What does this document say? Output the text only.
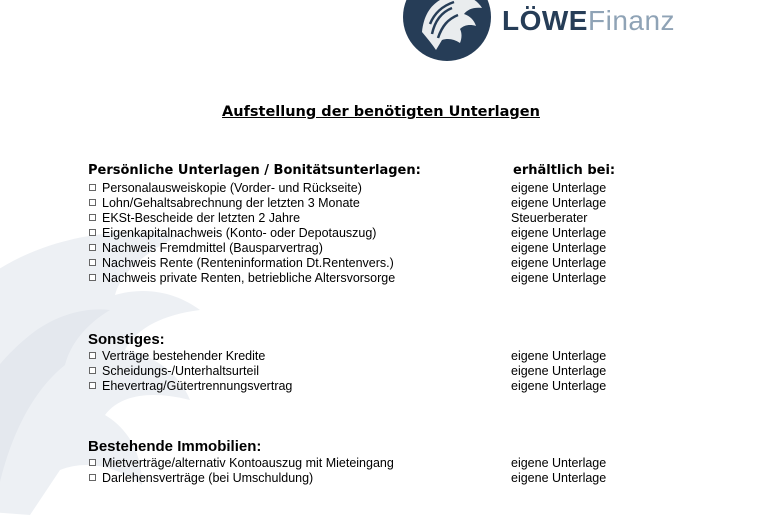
LÖWEFinanz
Aufstellung der benötigten Unterlagen
Persönliche Unterlagen / Bonitätsunterlagen:	erhältlich bei:
Personalausweiskopie (Vorder- und Rückseite)	eigene Unterlage
Lohn/Gehaltsabrechnung der letzten 3 Monate	eigene Unterlage
EKSt-Bescheide der letzten 2 Jahre	Steuerberater
Eigenkapitalnachweis (Konto- oder Depotauszug)	eigene Unterlage
Nachweis Fremdmittel (Bausparvertrag)	eigene Unterlage
Nachweis Rente (Renteninformation Dt.Rentenvers.)	eigene Unterlage
Nachweis private Renten, betriebliche Altersvorsorge	eigene Unterlage
Sonstiges:
Verträge bestehender Kredite	eigene Unterlage
Scheidungs-/Unterhaltsurteil	eigene Unterlage
Ehevertrag/Gütertrennungsvertrag	eigene Unterlage
Bestehende Immobilien:
Mietverträge/alternativ Kontoauszug mit Mieteingang	eigene Unterlage
Darlehensverträge (bei Umschuldung)	eigene Unterlage
